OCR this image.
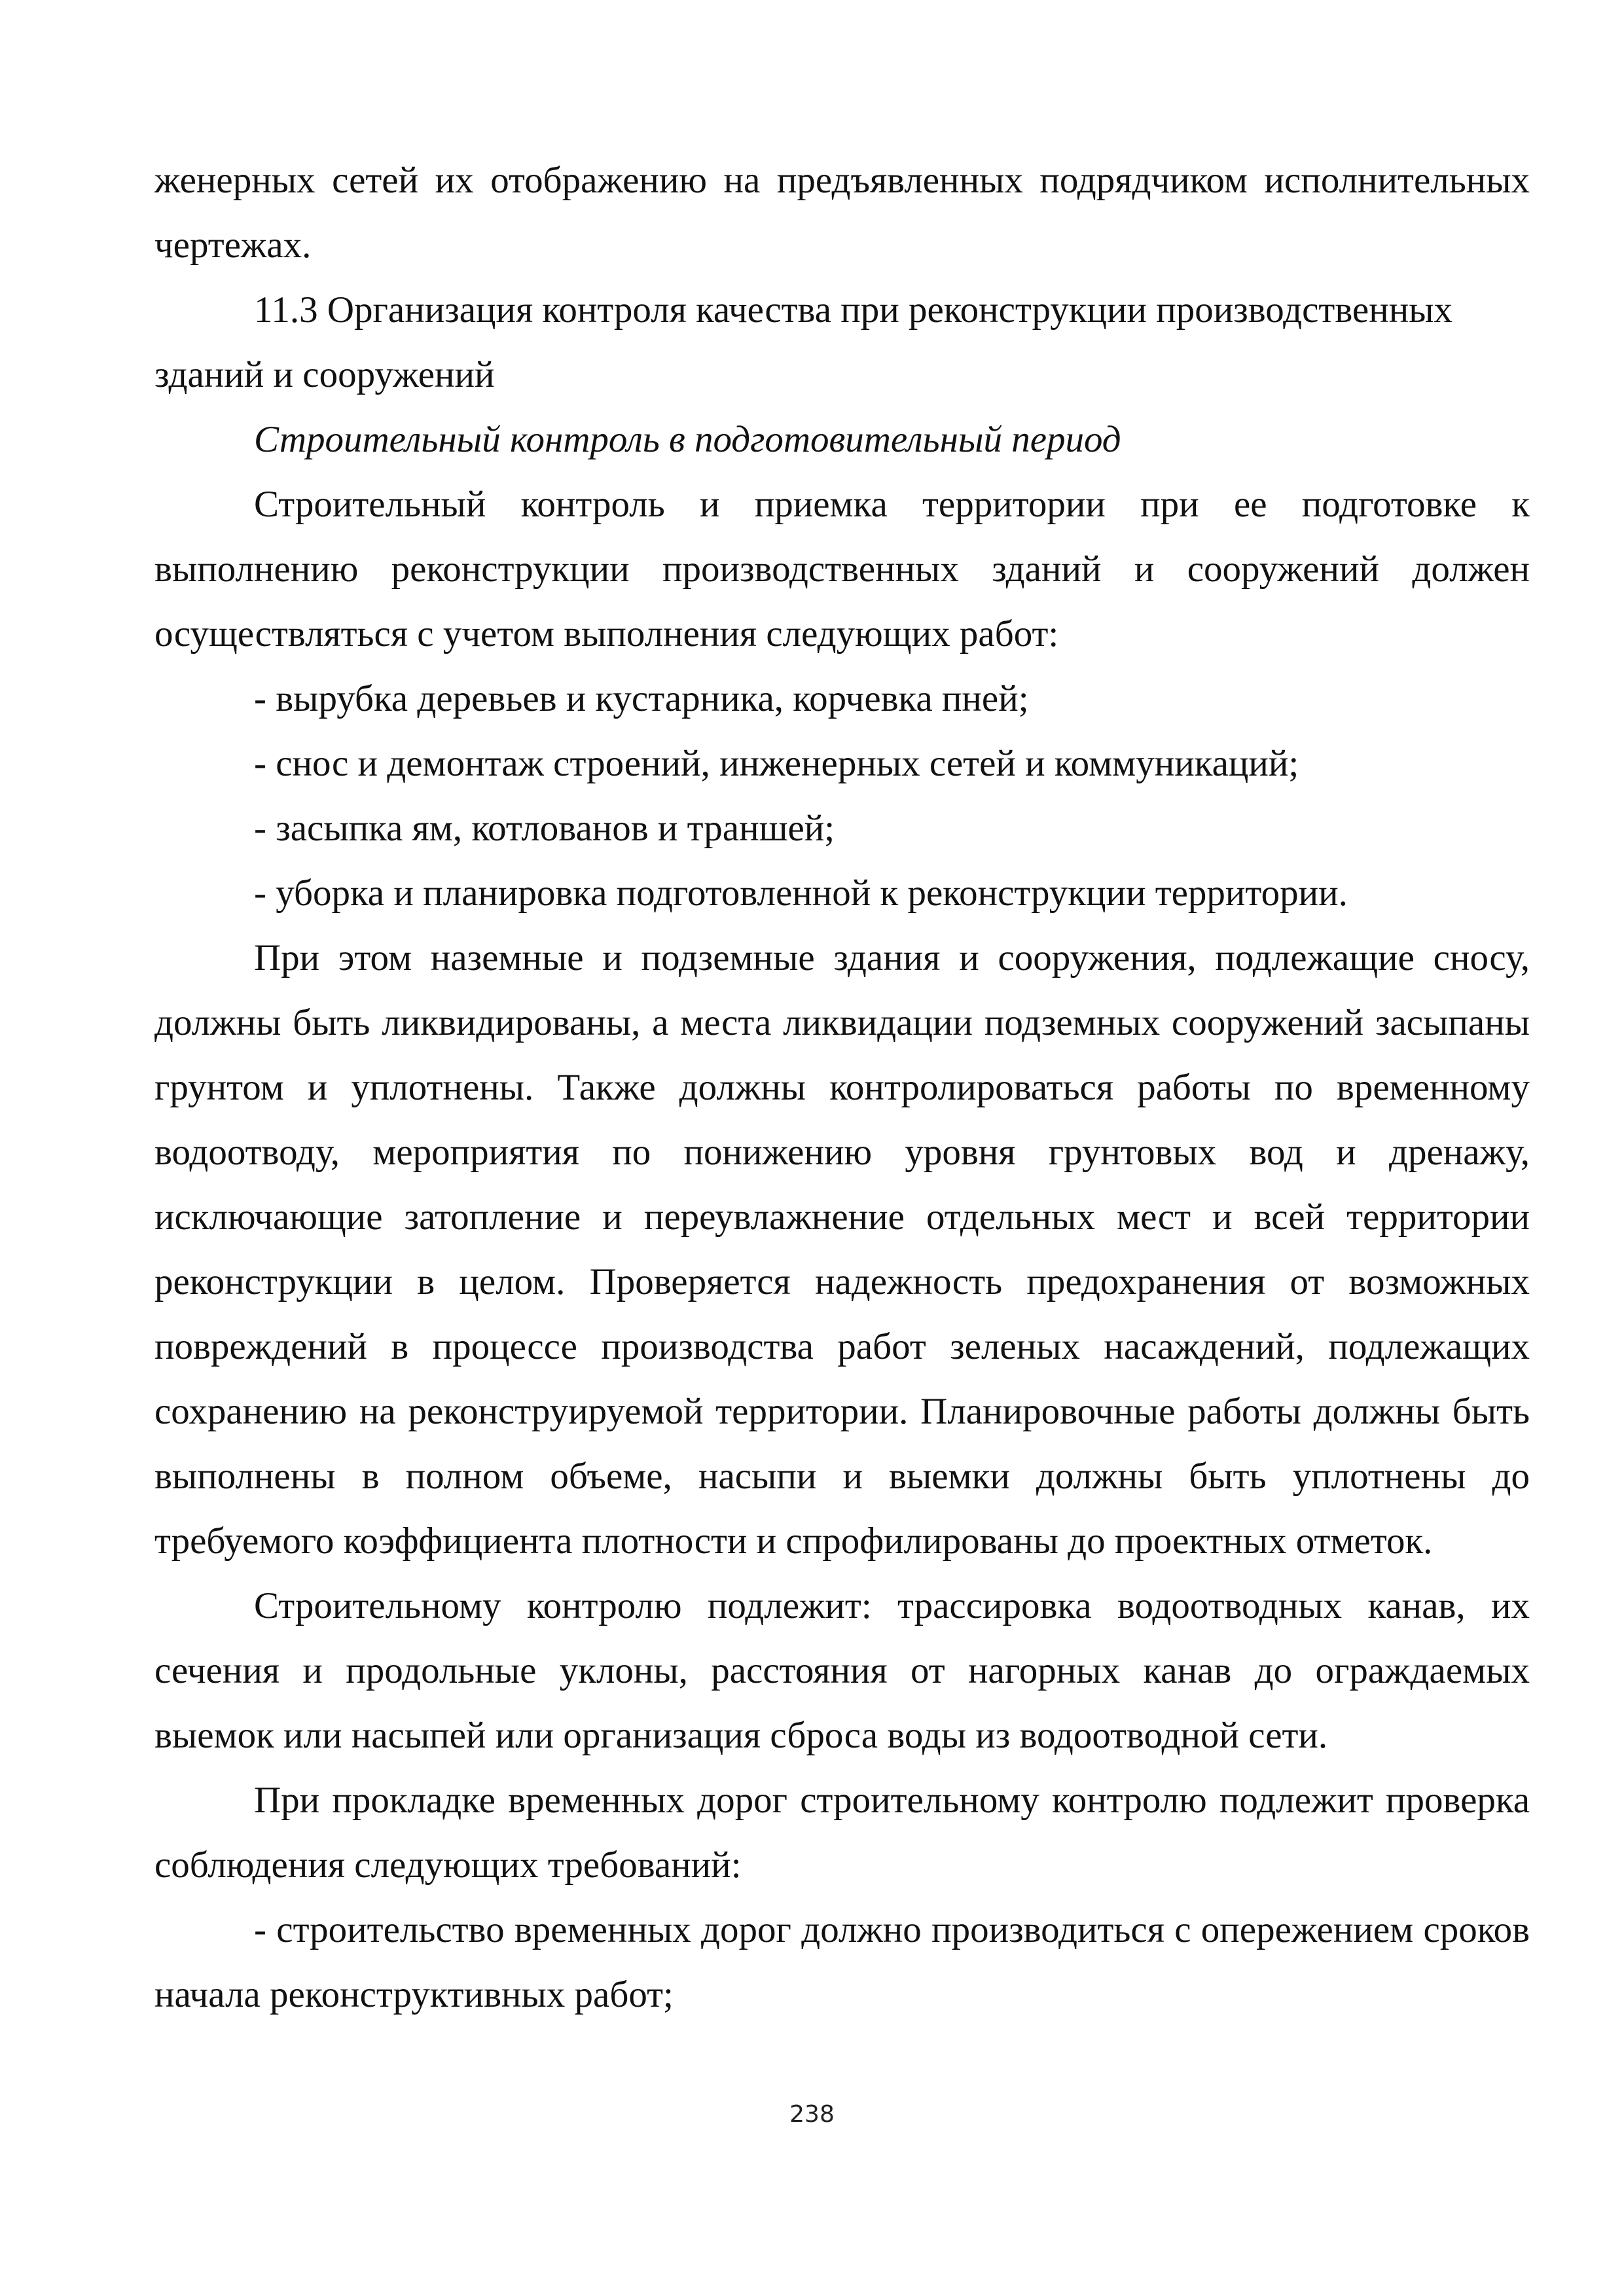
женерных сетей их отображению на предъявленных подрядчиком исполнительных чертежах.

11.3 Организация контроля качества при реконструкции производственных зданий и сооружений

Строительный контроль в подготовительный период

Строительный контроль и приемка территории при ее подготовке к выполнению реконструкции производственных зданий и сооружений должен осуществляться с учетом выполнения следующих работ:

- вырубка деревьев и кустарника, корчевка пней;

- снос и демонтаж строений, инженерных сетей и коммуникаций;

- засыпка ям, котлованов и траншей;

- уборка и планировка подготовленной к реконструкции территории.

При этом наземные и подземные здания и сооружения, подлежащие сносу, должны быть ликвидированы, а места ликвидации подземных сооружений засыпаны грунтом и уплотнены. Также должны контролироваться работы по временному водоотводу, мероприятия по понижению уровня грунтовых вод и дренажу, исключающие затопление и переувлажнение отдельных мест и всей территории реконструкции в целом. Проверяется надежность предохранения от возможных повреждений в процессе производства работ зеленых насаждений, подлежащих сохранению на реконструируемой территории. Планировочные работы должны быть выполнены в полном объеме, насыпи и выемки должны быть уплотнены до требуемого коэффициента плотности и спрофилированы до проектных отметок.

Строительному контролю подлежит: трассировка водоотводных канав, их сечения и продольные уклоны, расстояния от нагорных канав до ограждаемых выемок или насыпей или организация сброса воды из водоотводной сети.

При прокладке временных дорог строительному контролю подлежит проверка соблюдения следующих требований:

- строительство временных дорог должно производиться с опережением сроков начала реконструктивных работ;

238
